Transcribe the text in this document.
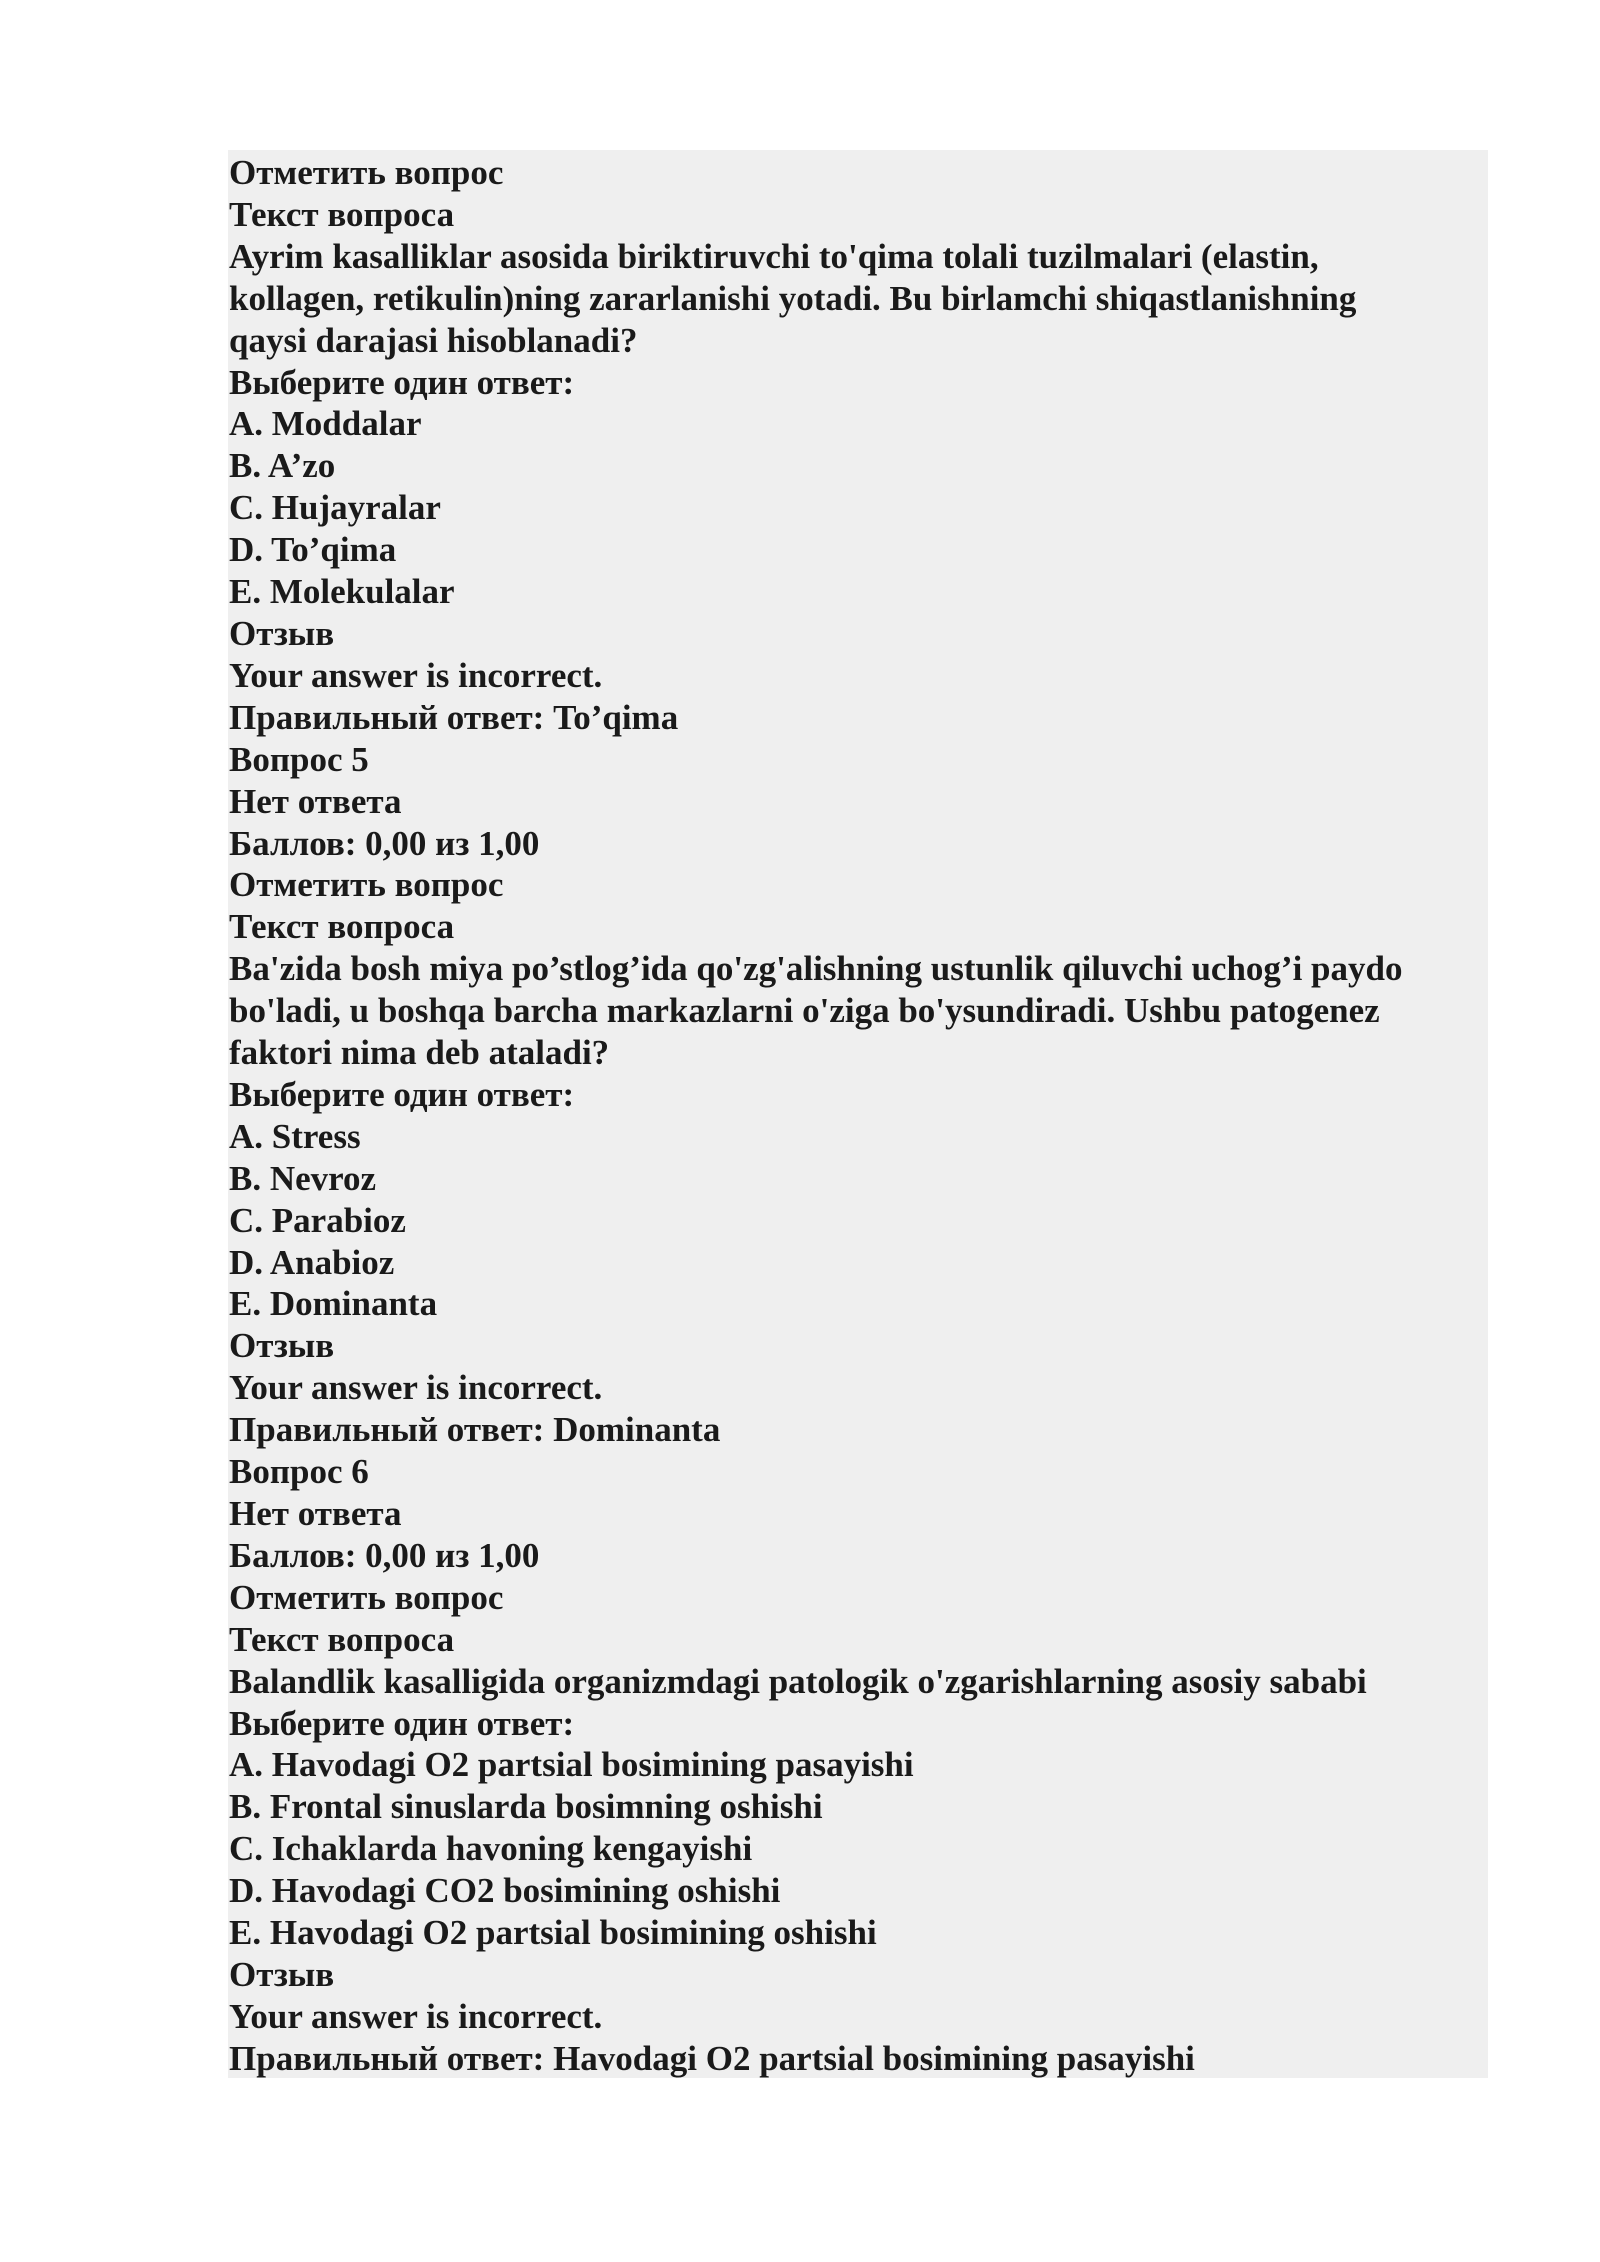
Отметить вопрос
Текст вопроса
Ayrim kasalliklar asosida biriktiruvchi to'qima tolali tuzilmalari (elastin,
kollagen, retikulin)ning zararlanishi yotadi. Bu birlamchi shiqastlanishning
qaysi darajasi hisoblanadi?
Выберите один ответ:
A. Moddalar
B. A’zo
C. Hujayralar
D. To’qima
E. Molekulalar
Отзыв
Your answer is incorrect.
Правильный ответ: To’qima
Вопрос 5
Нет ответа
Баллов: 0,00 из 1,00
Отметить вопрос
Текст вопроса
Ba'zida bosh miya po’stlog’ida qo'zg'alishning ustunlik qiluvchi uchog’i paydo
bo'ladi, u boshqa barcha markazlarni o'ziga bo'ysundiradi. Ushbu patogenez
faktori nima deb ataladi?
Выберите один ответ:
A. Stress
B. Nevroz
C. Parabioz
D. Anabioz
E. Dominanta
Отзыв
Your answer is incorrect.
Правильный ответ: Dominanta
Вопрос 6
Нет ответа
Баллов: 0,00 из 1,00
Отметить вопрос
Текст вопроса
Balandlik kasalligida organizmdagi patologik o'zgarishlarning asosiy sababi
Выберите один ответ:
A. Havodagi O2 partsial bosimining pasayishi
B. Frontal sinuslarda bosimning oshishi
C. Ichaklarda havoning kengayishi
D. Havodagi CO2 bosimining oshishi
E. Havodagi O2 partsial bosimining oshishi
Отзыв
Your answer is incorrect.
Правильный ответ: Havodagi O2 partsial bosimining pasayishi
